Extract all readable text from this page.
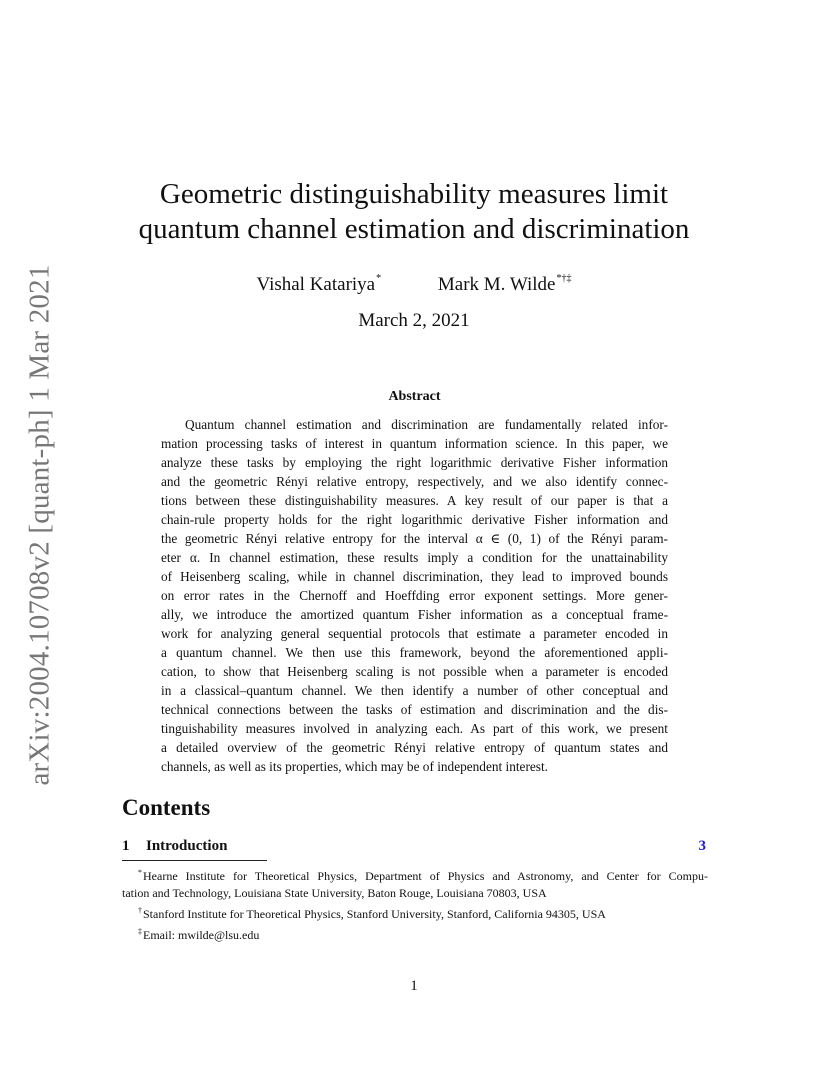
arXiv:2004.10708v2 [quant-ph] 1 Mar 2021
Geometric distinguishability measures limit
quantum channel estimation and discrimination
Vishal Katariya*	Mark M. Wilde*†‡
March 2, 2021
Abstract
Quantum channel estimation and discrimination are fundamentally related infor-
mation processing tasks of interest in quantum information science. In this paper, we
analyze these tasks by employing the right logarithmic derivative Fisher information
and the geometric Rényi relative entropy, respectively, and we also identify connec-
tions between these distinguishability measures. A key result of our paper is that a
chain-rule property holds for the right logarithmic derivative Fisher information and
the geometric Rényi relative entropy for the interval α ∈ (0, 1) of the Rényi param-
eter α. In channel estimation, these results imply a condition for the unattainability
of Heisenberg scaling, while in channel discrimination, they lead to improved bounds
on error rates in the Chernoff and Hoeffding error exponent settings. More gener-
ally, we introduce the amortized quantum Fisher information as a conceptual frame-
work for analyzing general sequential protocols that estimate a parameter encoded in
a quantum channel. We then use this framework, beyond the aforementioned appli-
cation, to show that Heisenberg scaling is not possible when a parameter is encoded
in a classical–quantum channel. We then identify a number of other conceptual and
technical connections between the tasks of estimation and discrimination and the dis-
tinguishability measures involved in analyzing each. As part of this work, we present
a detailed overview of the geometric Rényi relative entropy of quantum states and
channels, as well as its properties, which may be of independent interest.
Contents
1 Introduction	3
*Hearne Institute for Theoretical Physics, Department of Physics and Astronomy, and Center for Compu-
tation and Technology, Louisiana State University, Baton Rouge, Louisiana 70803, USA
†Stanford Institute for Theoretical Physics, Stanford University, Stanford, California 94305, USA
‡Email: mwilde@lsu.edu
1
